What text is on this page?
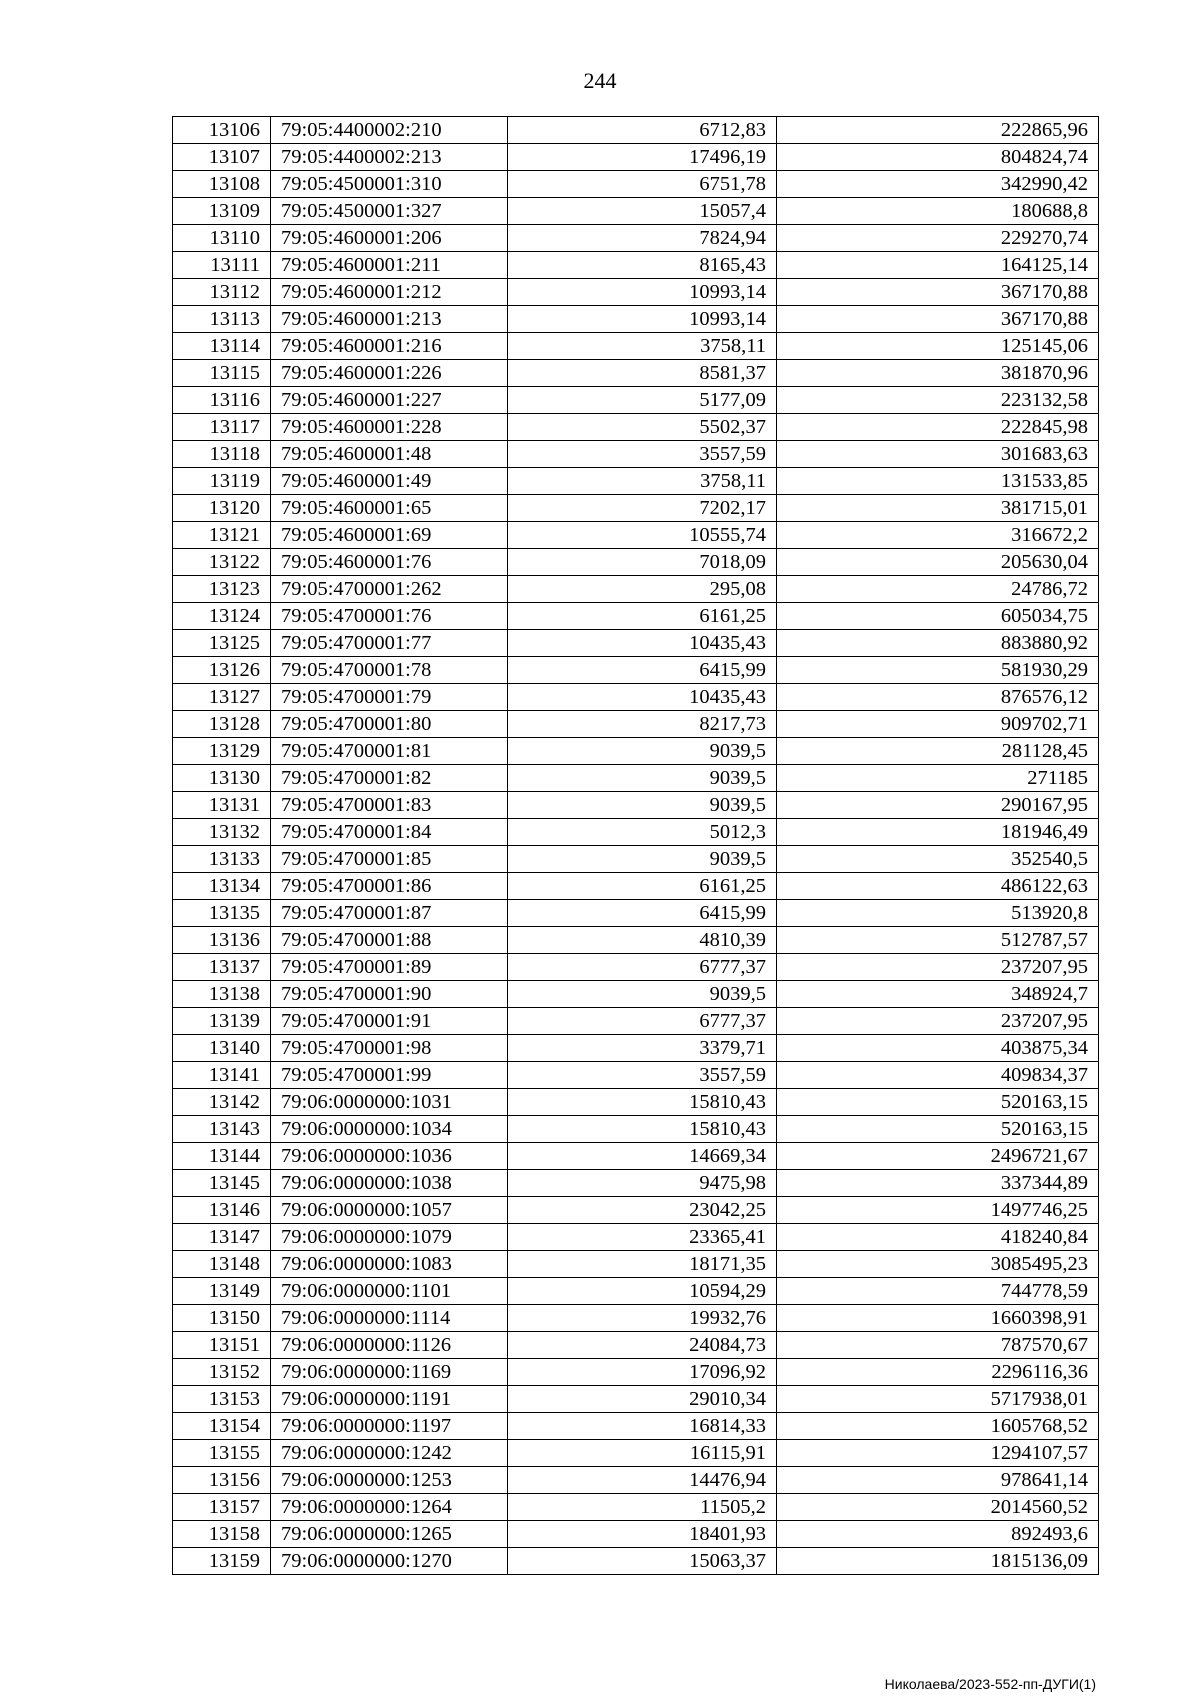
244
13106	79:05:4400002:210	6712,83	222865,96
13107	79:05:4400002:213	17496,19	804824,74
13108	79:05:4500001:310	6751,78	342990,42
13109	79:05:4500001:327	15057,4	180688,8
13110	79:05:4600001:206	7824,94	229270,74
13111	79:05:4600001:211	8165,43	164125,14
13112	79:05:4600001:212	10993,14	367170,88
13113	79:05:4600001:213	10993,14	367170,88
13114	79:05:4600001:216	3758,11	125145,06
13115	79:05:4600001:226	8581,37	381870,96
13116	79:05:4600001:227	5177,09	223132,58
13117	79:05:4600001:228	5502,37	222845,98
13118	79:05:4600001:48	3557,59	301683,63
13119	79:05:4600001:49	3758,11	131533,85
13120	79:05:4600001:65	7202,17	381715,01
13121	79:05:4600001:69	10555,74	316672,2
13122	79:05:4600001:76	7018,09	205630,04
13123	79:05:4700001:262	295,08	24786,72
13124	79:05:4700001:76	6161,25	605034,75
13125	79:05:4700001:77	10435,43	883880,92
13126	79:05:4700001:78	6415,99	581930,29
13127	79:05:4700001:79	10435,43	876576,12
13128	79:05:4700001:80	8217,73	909702,71
13129	79:05:4700001:81	9039,5	281128,45
13130	79:05:4700001:82	9039,5	271185
13131	79:05:4700001:83	9039,5	290167,95
13132	79:05:4700001:84	5012,3	181946,49
13133	79:05:4700001:85	9039,5	352540,5
13134	79:05:4700001:86	6161,25	486122,63
13135	79:05:4700001:87	6415,99	513920,8
13136	79:05:4700001:88	4810,39	512787,57
13137	79:05:4700001:89	6777,37	237207,95
13138	79:05:4700001:90	9039,5	348924,7
13139	79:05:4700001:91	6777,37	237207,95
13140	79:05:4700001:98	3379,71	403875,34
13141	79:05:4700001:99	3557,59	409834,37
13142	79:06:0000000:1031	15810,43	520163,15
13143	79:06:0000000:1034	15810,43	520163,15
13144	79:06:0000000:1036	14669,34	2496721,67
13145	79:06:0000000:1038	9475,98	337344,89
13146	79:06:0000000:1057	23042,25	1497746,25
13147	79:06:0000000:1079	23365,41	418240,84
13148	79:06:0000000:1083	18171,35	3085495,23
13149	79:06:0000000:1101	10594,29	744778,59
13150	79:06:0000000:1114	19932,76	1660398,91
13151	79:06:0000000:1126	24084,73	787570,67
13152	79:06:0000000:1169	17096,92	2296116,36
13153	79:06:0000000:1191	29010,34	5717938,01
13154	79:06:0000000:1197	16814,33	1605768,52
13155	79:06:0000000:1242	16115,91	1294107,57
13156	79:06:0000000:1253	14476,94	978641,14
13157	79:06:0000000:1264	11505,2	2014560,52
13158	79:06:0000000:1265	18401,93	892493,6
13159	79:06:0000000:1270	15063,37	1815136,09
Николаева/2023-552-пп-ДУГИ(1)
